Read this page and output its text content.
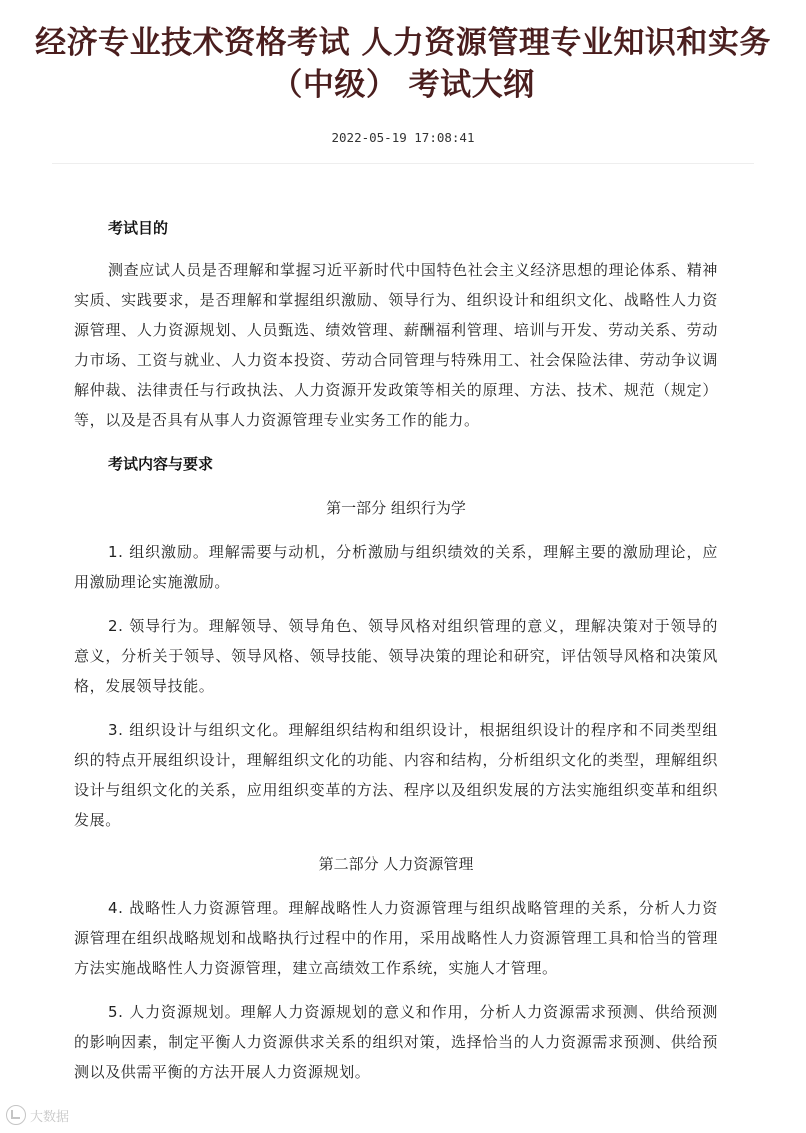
经济专业技术资格考试 人力资源管理专业知识和实务（中级） 考试大纲
2022-05-19 17:08:41

考试目的

测查应试人员是否理解和掌握习近平新时代中国特色社会主义经济思想的理论体系、精神实质、实践要求，是否理解和掌握组织激励、领导行为、组织设计和组织文化、战略性人力资源管理、人力资源规划、人员甄选、绩效管理、薪酬福利管理、培训与开发、劳动关系、劳动力市场、工资与就业、人力资本投资、劳动合同管理与特殊用工、社会保险法律、劳动争议调解仲裁、法律责任与行政执法、人力资源开发政策等相关的原理、方法、技术、规范（规定）等，以及是否具有从事人力资源管理专业实务工作的能力。

考试内容与要求

第一部分 组织行为学

1. 组织激励。理解需要与动机，分析激励与组织绩效的关系，理解主要的激励理论，应用激励理论实施激励。

2. 领导行为。理解领导、领导角色、领导风格对组织管理的意义，理解决策对于领导的意义，分析关于领导、领导风格、领导技能、领导决策的理论和研究，评估领导风格和决策风格，发展领导技能。

3. 组织设计与组织文化。理解组织结构和组织设计，根据组织设计的程序和不同类型组织的特点开展组织设计，理解组织文化的功能、内容和结构，分析组织文化的类型，理解组织设计与组织文化的关系，应用组织变革的方法、程序以及组织发展的方法实施组织变革和组织发展。

第二部分 人力资源管理

4. 战略性人力资源管理。理解战略性人力资源管理与组织战略管理的关系，分析人力资源管理在组织战略规划和战略执行过程中的作用，采用战略性人力资源管理工具和恰当的管理方法实施战略性人力资源管理，建立高绩效工作系统，实施人才管理。

5. 人力资源规划。理解人力资源规划的意义和作用，分析人力资源需求预测、供给预测的影响因素，制定平衡人力资源供求关系的组织对策，选择恰当的人力资源需求预测、供给预测以及供需平衡的方法开展人力资源规划。

大数据
